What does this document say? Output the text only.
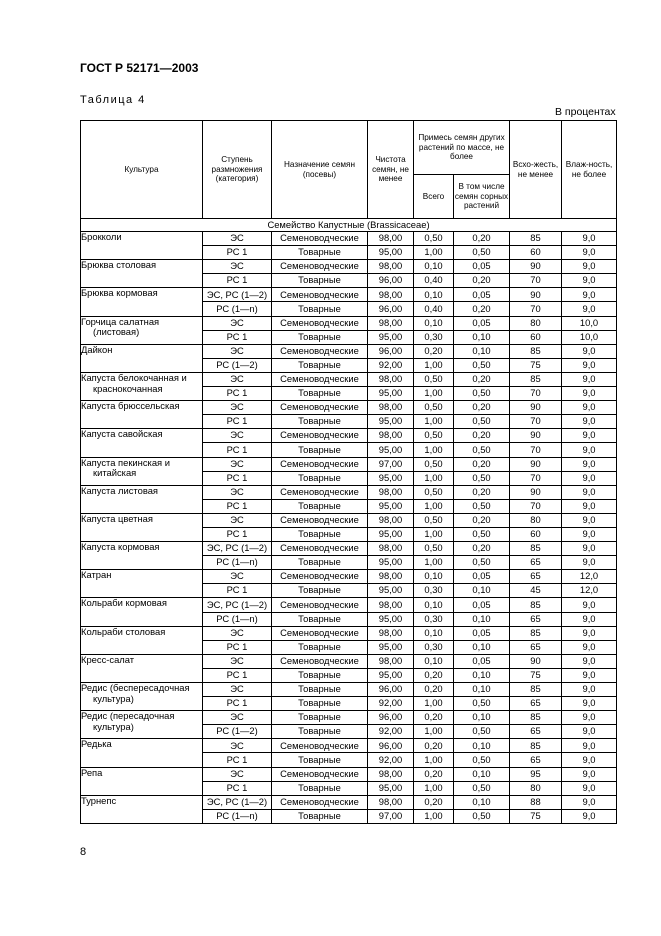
ГОСТ Р 52171—2003
Таблица 4
В процентах
Культура	Ступень размножения (категория)	Назначение семян (посевы)	Чистота семян, не менее	Примесь семян других растений по массе, не более		Всхо-жесть, не менее	Влаж-ность, не более
				Всего	В том числе семян сорных растений		
Семейство Капустные (Brassicaceae)							
Брокколи	ЭС	Семеноводческие	98,00	0,50	0,20	85	9,0
	РС 1	Товарные	95,00	1,00	0,50	60	9,0
Брюква столовая	ЭС	Семеноводческие	98,00	0,10	0,05	90	9,0
	РС 1	Товарные	96,00	0,40	0,20	70	9,0
Брюква кормовая	ЭС, РС (1—2)	Семеноводческие	98,00	0,10	0,05	90	9,0
	РС (1—n)	Товарные	96,00	0,40	0,20	70	9,0
Горчица салатная (листовая)	ЭС	Семеноводческие	98,00	0,10	0,05	80	10,0
	РС 1	Товарные	95,00	0,30	0,10	60	10,0
Дайкон	ЭС	Семеноводческие	96,00	0,20	0,10	85	9,0
	РС (1—2)	Товарные	92,00	1,00	0,50	75	9,0
Капуста белокочанная и краснокочанная	ЭС	Семеноводческие	98,00	0,50	0,20	85	9,0
	РС 1	Товарные	95,00	1,00	0,50	70	9,0
Капуста брюссельская	ЭС	Семеноводческие	98,00	0,50	0,20	90	9,0
	РС 1	Товарные	95,00	1,00	0,50	70	9,0
Капуста савойская	ЭС	Семеноводческие	98,00	0,50	0,20	90	9,0
	РС 1	Товарные	95,00	1,00	0,50	70	9,0
Капуста пекинская и китайская	ЭС	Семеноводческие	97,00	0,50	0,20	90	9,0
	РС 1	Товарные	95,00	1,00	0,50	70	9,0
Капуста листовая	ЭС	Семеноводческие	98,00	0,50	0,20	90	9,0
	РС 1	Товарные	95,00	1,00	0,50	70	9,0
Капуста цветная	ЭС	Семеноводческие	98,00	0,50	0,20	80	9,0
	РС 1	Товарные	95,00	1,00	0,50	60	9,0
Капуста кормовая	ЭС, РС (1—2)	Семеноводческие	98,00	0,50	0,20	85	9,0
	РС (1—n)	Товарные	95,00	1,00	0,50	65	9,0
Катран	ЭС	Семеноводческие	98,00	0,10	0,05	65	12,0
	РС 1	Товарные	95,00	0,30	0,10	45	12,0
Кольраби кормовая	ЭС, РС (1—2)	Семеноводческие	98,00	0,10	0,05	85	9,0
	РС (1—n)	Товарные	95,00	0,30	0,10	65	9,0
Кольраби столовая	ЭС	Семеноводческие	98,00	0,10	0,05	85	9,0
	РС 1	Товарные	95,00	0,30	0,10	65	9,0
Кресс-салат	ЭС	Семеноводческие	98,00	0,10	0,05	90	9,0
	РС 1	Товарные	95,00	0,20	0,10	75	9,0
Редис (беспересадочная культура)	ЭС	Товарные	96,00	0,20	0,10	85	9,0
	РС 1	Товарные	92,00	1,00	0,50	65	9,0
Редис (пересадочная культура)	ЭС	Товарные	96,00	0,20	0,10	85	9,0
	РС (1—2)	Товарные	92,00	1,00	0,50	65	9,0
Редька	ЭС	Семеноводческие	96,00	0,20	0,10	85	9,0
	РС 1	Товарные	92,00	1,00	0,50	65	9,0
Репа	ЭС	Семеноводческие	98,00	0,20	0,10	95	9,0
	РС 1	Товарные	95,00	1,00	0,50	80	9,0
Турнепс	ЭС, РС (1—2)	Семеноводческие	98,00	0,20	0,10	88	9,0
	РС (1—n)	Товарные	97,00	1,00	0,50	75	9,0
8
